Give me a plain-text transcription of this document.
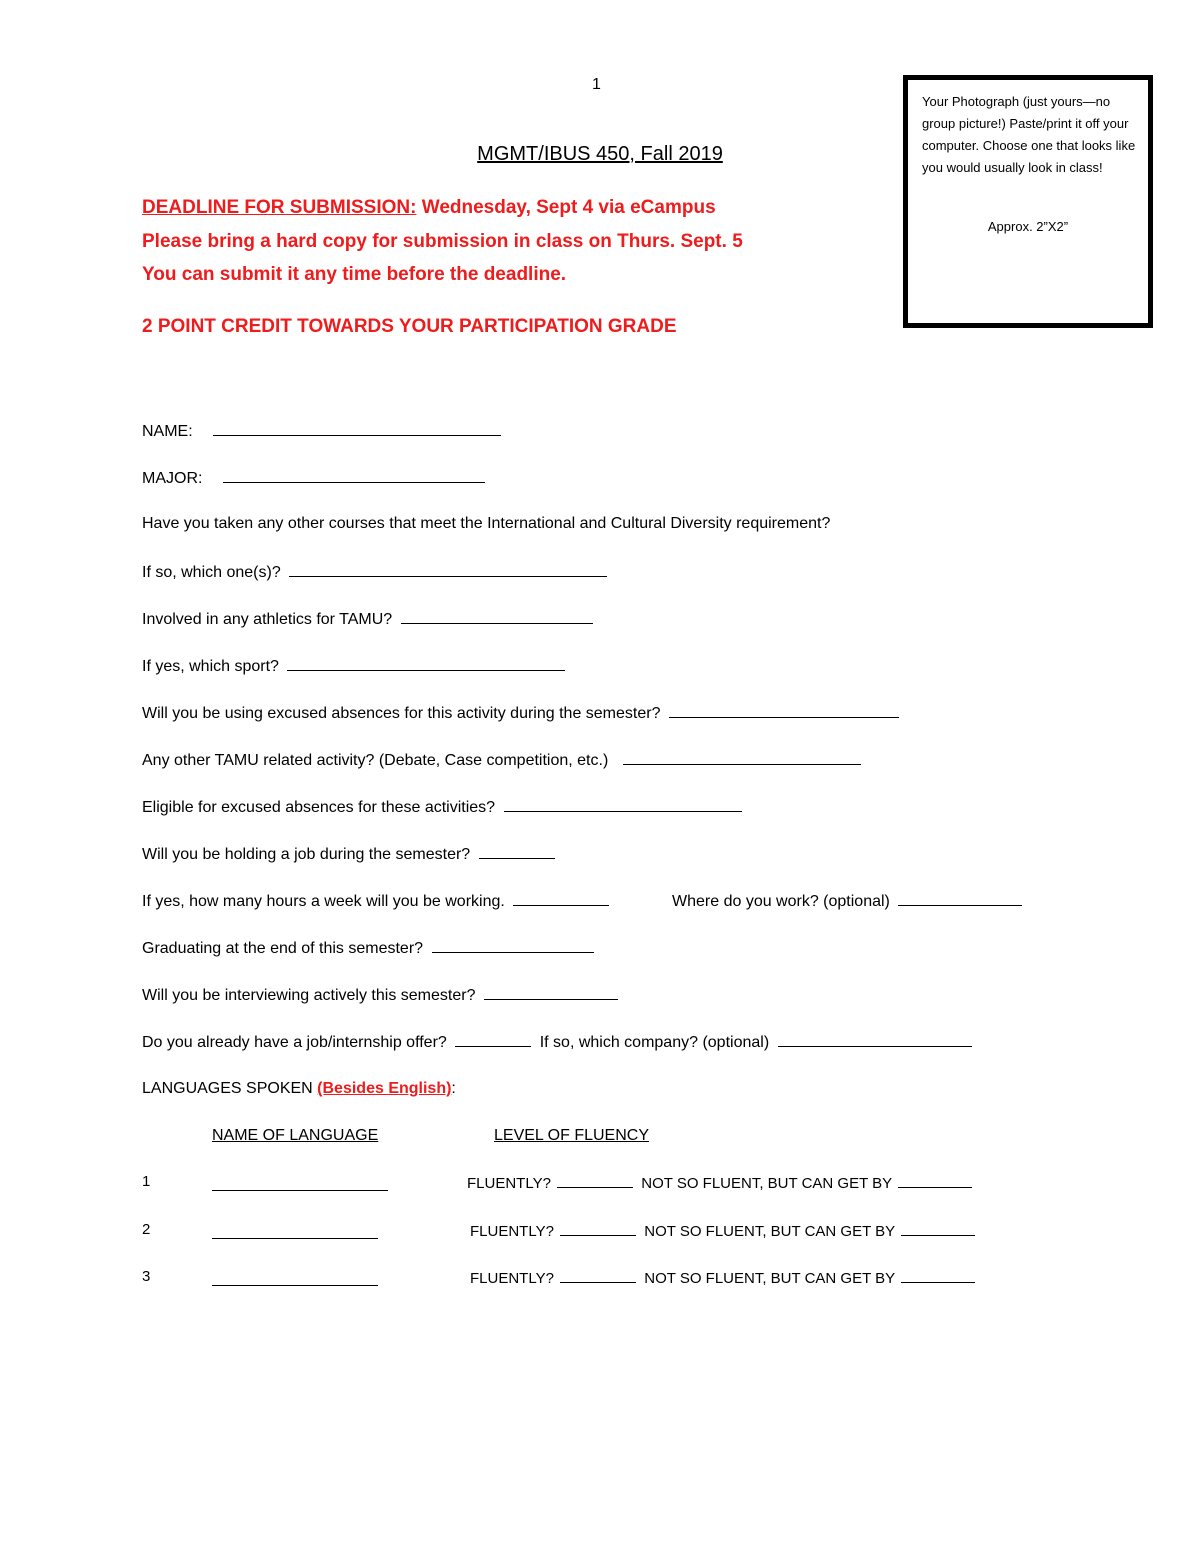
1
MGMT/IBUS 450, Fall 2019
Your Photograph (just yours—no group picture!) Paste/print it off your computer. Choose one that looks like you would usually look in class!
Approx. 2”X2”
DEADLINE FOR SUBMISSION: Wednesday, Sept 4 via eCampus
Please bring a hard copy for submission in class on Thurs. Sept. 5
You can submit it any time before the deadline.
2 POINT CREDIT TOWARDS YOUR PARTICIPATION GRADE
NAME:
MAJOR:
Have you taken any other courses that meet the International and Cultural Diversity requirement?
If so, which one(s)?
Involved in any athletics for TAMU?
If yes, which sport?
Will you be using excused absences for this activity during the semester?
Any other TAMU related activity? (Debate, Case competition, etc.)
Eligible for excused absences for these activities?
Will you be holding a job during the semester?
If yes, how many hours a week will you be working.	Where do you work? (optional)
Graduating at the end of this semester?
Will you be interviewing actively this semester?
Do you already have a job/internship offer?	If so, which company? (optional)
LANGUAGES SPOKEN (Besides English):
NAME OF LANGUAGE	LEVEL OF FLUENCY
1	FLUENTLY?	NOT SO FLUENT, BUT CAN GET BY
2	FLUENTLY?	NOT SO FLUENT, BUT CAN GET BY
3	FLUENTLY?	NOT SO FLUENT, BUT CAN GET BY
